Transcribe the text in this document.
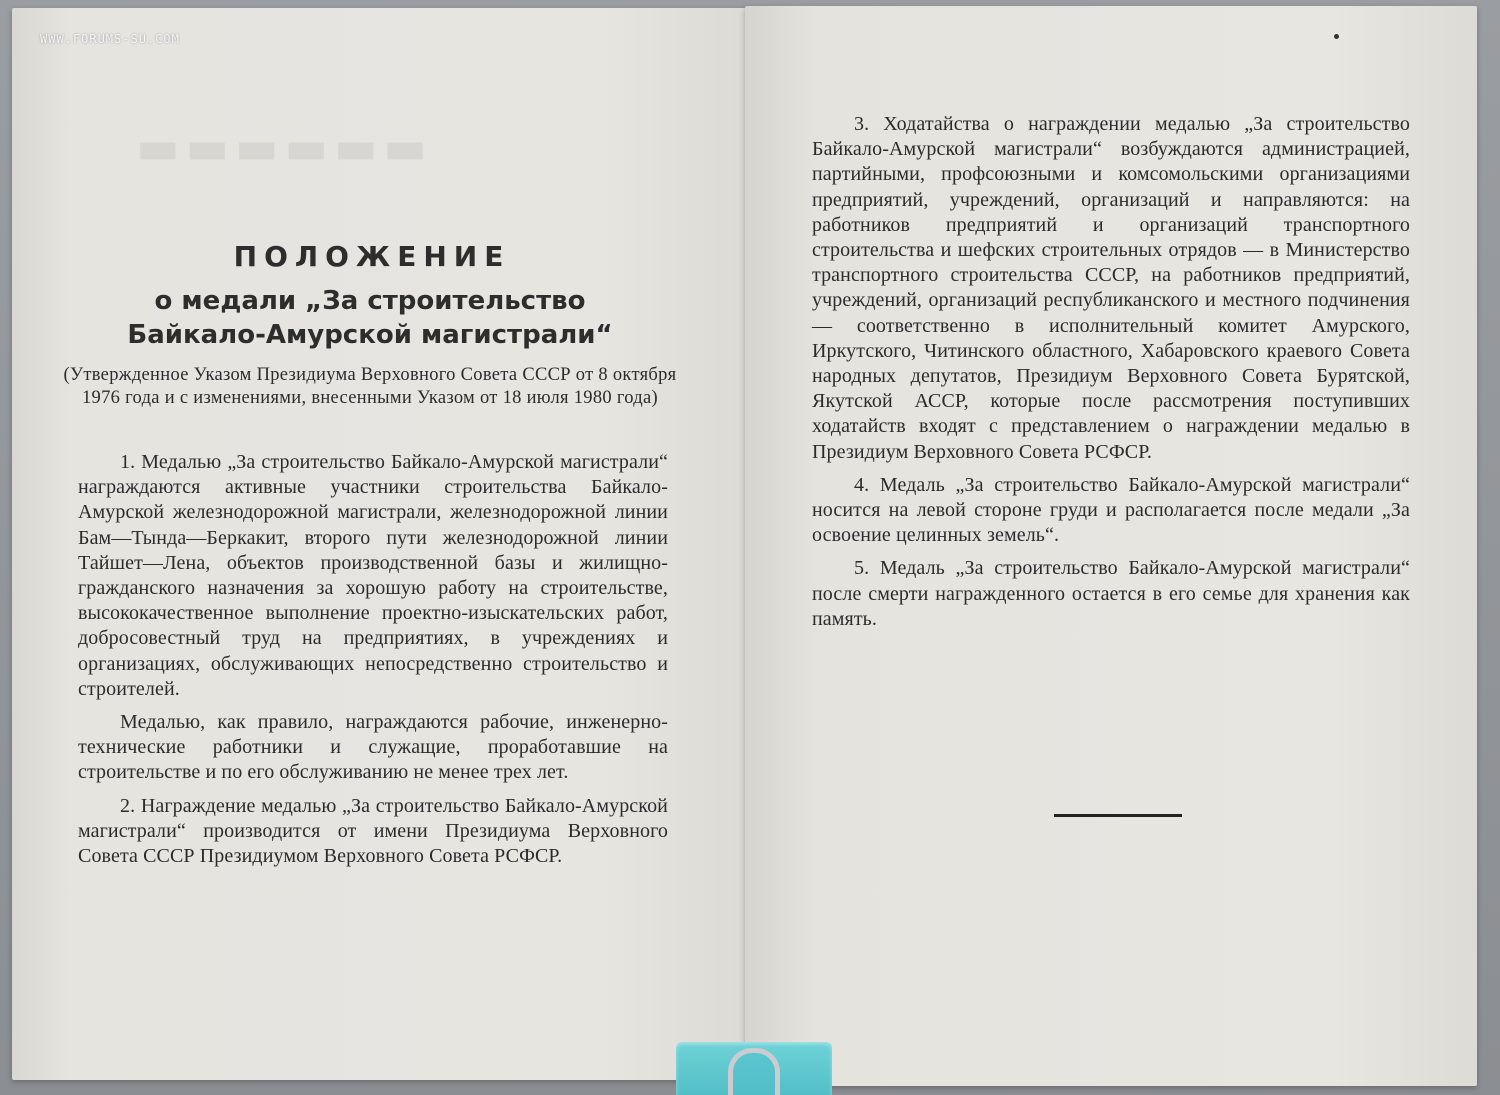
WWW.FORUMS-SU.COM
▬▬▬▬▬▬
ПОЛОЖЕНИЕ
о медали „За строительство
Байкало-Амурской магистрали“
(Утвержденное Указом Президиума Верховного Совета СССР от 8 октября 1976 года и с изменениями, внесенными Указом от 18 июля 1980 года)

1. Медалью „За строительство Байкало-Амурской магистрали“ награждаются активные участники строительства Байкало-Амурской железнодорожной магистрали, железнодорожной линии Бам—Тында—Беркакит, второго пути железнодорожной линии Тайшет—Лена, объектов производственной базы и жилищно-гражданского назначения за хорошую работу на строительстве, высококачественное выполнение проектно-изыскательских работ, добросовестный труд на предприятиях, в учреждениях и организациях, обслуживающих непосредственно строительство и строителей.

Медалью, как правило, награждаются рабочие, инженерно-технические работники и служащие, проработавшие на строительстве и по его обслуживанию не менее трех лет.

2. Награждение медалью „За строительство Байкало-Амурской магистрали“ производится от имени Президиума Верховного Совета СССР Президиумом Верховного Совета РСФСР.

3. Ходатайства о награждении медалью „За строительство Байкало-Амурской магистрали“ возбуждаются администрацией, партийными, профсоюзными и комсомольскими организациями предприятий, учреждений, организаций и направляются: на работников предприятий и организаций транспортного строительства и шефских строительных отрядов — в Министерство транспортного строительства СССР, на работников предприятий, учреждений, организаций республиканского и местного подчинения — соответственно в исполнительный комитет Амурского, Иркутского, Читинского областного, Хабаровского краевого Совета народных депутатов, Президиум Верховного Совета Бурятской, Якутской АССР, которые после рассмотрения поступивших ходатайств входят с представлением о награждении медалью в Президиум Верховного Совета РСФСР.

4. Медаль „За строительство Байкало-Амурской магистрали“ носится на левой стороне груди и располагается после медали „За освоение целинных земель“.

5. Медаль „За строительство Байкало-Амурской магистрали“ после смерти награжденного остается в его семье для хранения как память.
